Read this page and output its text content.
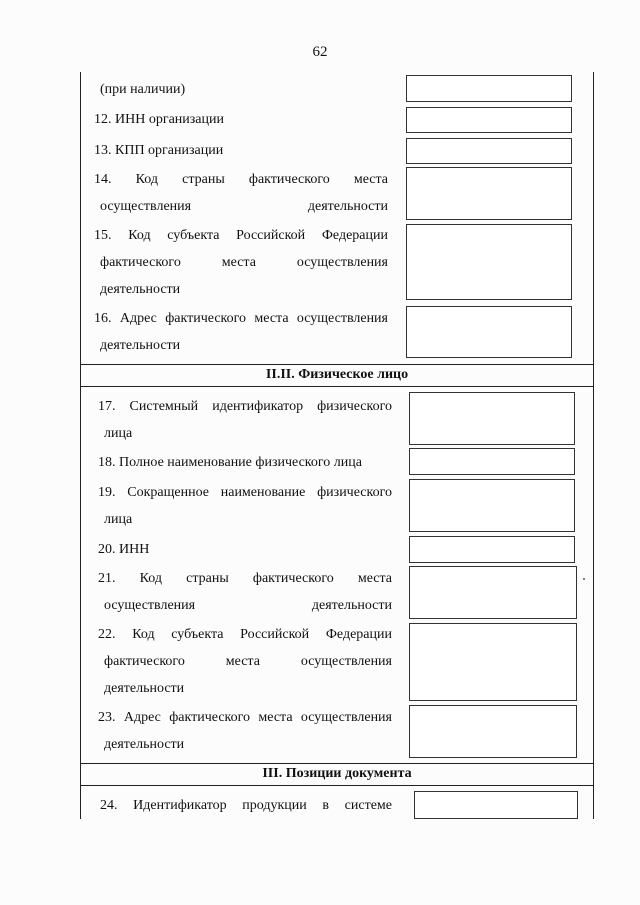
62
(при наличии)
12. ИНН организации
13. КПП организации
14. Код страны фактического места
осуществления деятельности
15. Код субъекта Российской Федерации
фактического места осуществления
деятельности
16. Адрес фактического места осуществления
деятельности
II.II. Физическое лицо
17. Системный идентификатор физического
лица
18. Полное наименование физического лица
19. Сокращенное наименование физического
лица
20. ИНН
21. Код страны фактического места
осуществления деятельности
22. Код субъекта Российской Федерации
фактического места осуществления
деятельности
23. Адрес фактического места осуществления
деятельности
III. Позиции документа
24. Идентификатор продукции в системе
